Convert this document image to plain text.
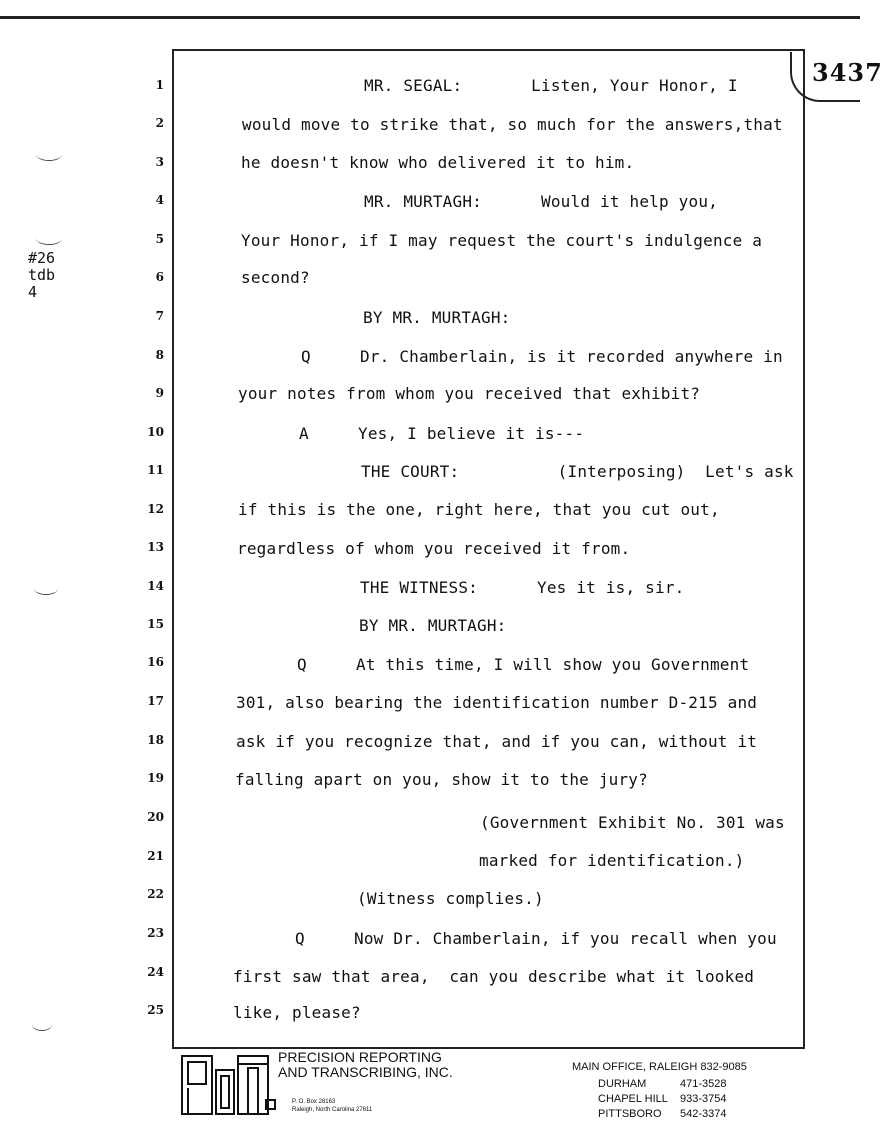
3437
#26
tdb
4
1
2
3
4
5
6
7
8
9
10
11
12
13
14
15
16
17
18
19
20
21
22
23
24
25
MR. SEGAL:       Listen, Your Honor, I
would move to strike that, so much for the answers,that
he doesn't know who delivered it to him.
MR. MURTAGH:      Would it help you,
Your Honor, if I may request the court's indulgence a
second?
BY MR. MURTAGH:
Q     Dr. Chamberlain, is it recorded anywhere in
your notes from whom you received that exhibit?
A     Yes, I believe it is---
THE COURT:          (Interposing)  Let's ask
if this is the one, right here, that you cut out,
regardless of whom you received it from.
THE WITNESS:      Yes it is, sir.
BY MR. MURTAGH:
Q     At this time, I will show you Government
301, also bearing the identification number D-215 and
ask if you recognize that, and if you can, without it
falling apart on you, show it to the jury?
(Government Exhibit No. 301 was
marked for identification.)
(Witness complies.)
Q     Now Dr. Chamberlain, if you recall when you
first saw that area,  can you describe what it looked
like, please?
PRECISION REPORTING
AND TRANSCRIBING, INC.
P. O. Box 28163
Raleigh, North Carolina 27611
MAIN OFFICE, RALEIGH 832-9085
DURHAM	471-3528
CHAPEL HILL	933-3754
PITTSBORO	542-3374
